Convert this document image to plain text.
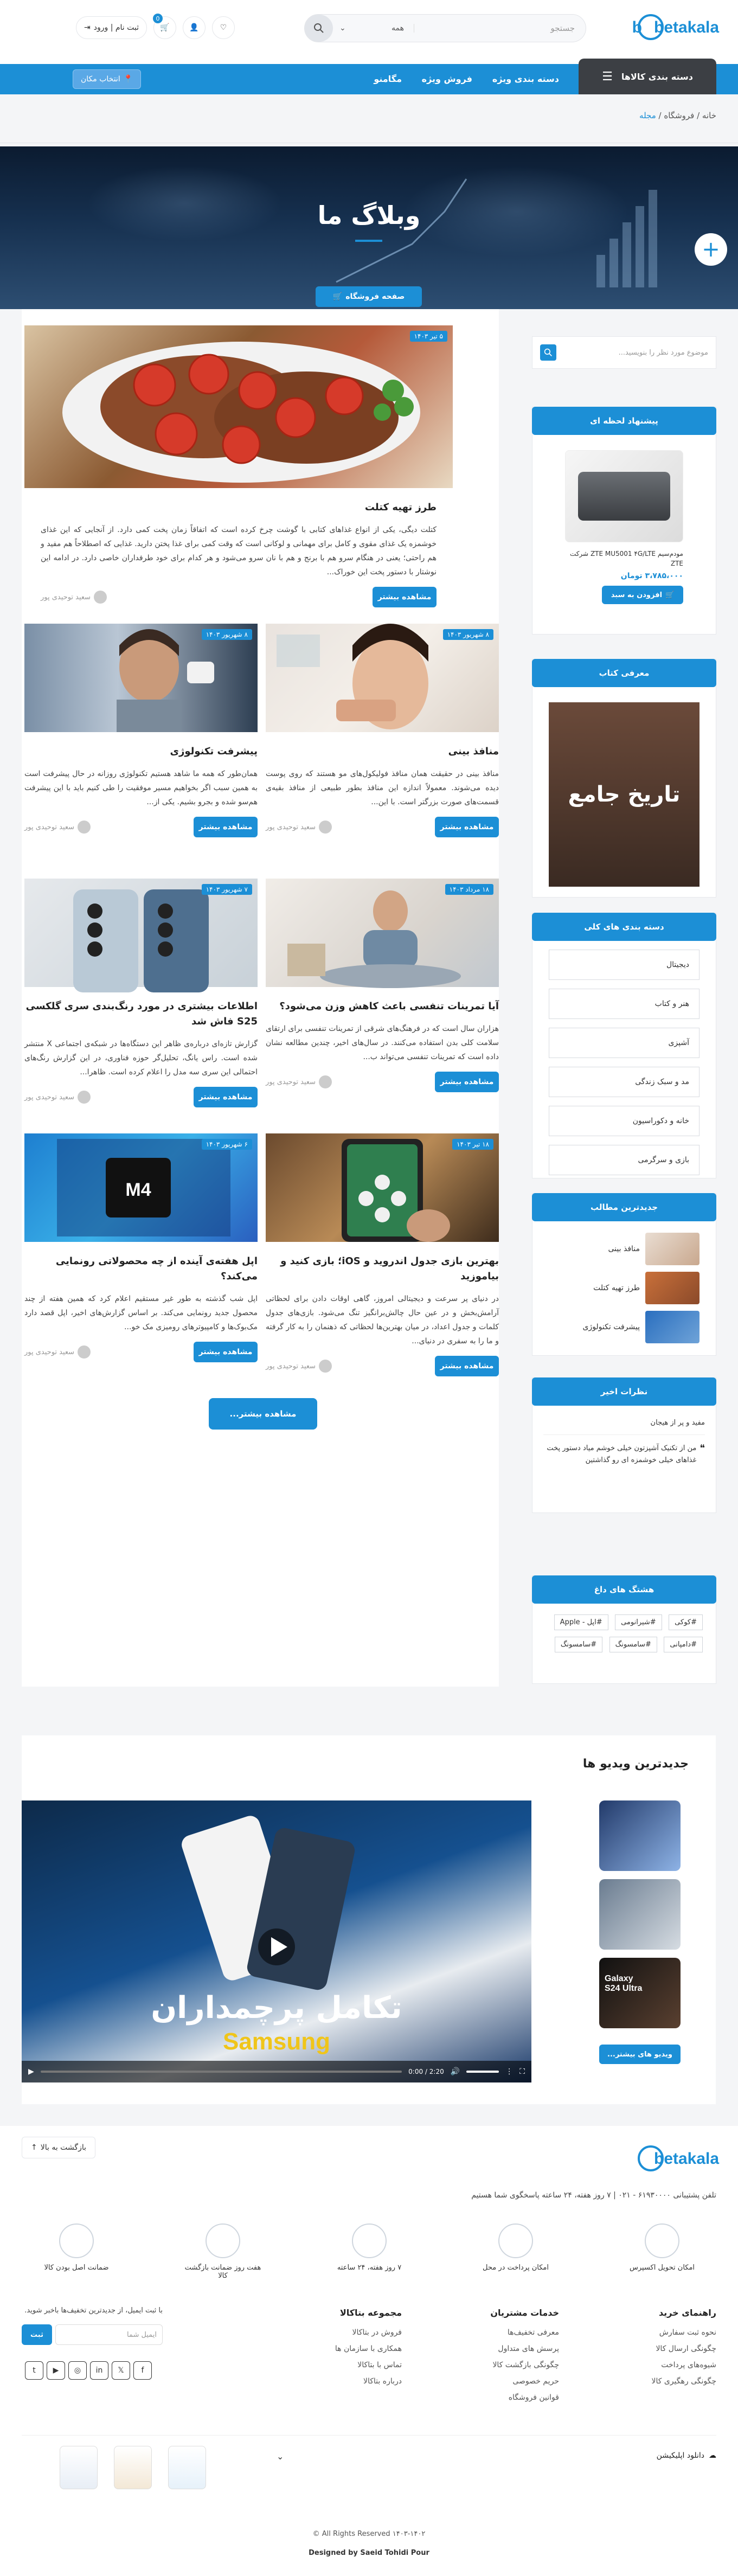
b betakala
جستجو
همه
⌄
⇥ ثبت نام | ورود	🛒
0
👤	♡
دسته بندی کالاها
☰
دسته بندی ویژه
فروش ویژه
مگامنو
📍
انتخاب مکان
خانه / فروشگاه / مجله
وبلاگ ما
صفحه فروشگاه
🛒
+
۵ تیر ۱۴۰۳
طرز تهیه کتلت

کتلت دیگی، یکی از انواع غذاهای کتابی با گوشت چرخ کرده است که اتفاقاً زمان پخت کمی دارد. از آنجایی که این غذای خوشمزه یک غذای مقوی و کامل برای مهمانی و لوکانی است که وقت کمی برای غذا پختن دارید. غذایی که اصطلاحاً هم مفید و هم راحتی؛ یعنی در هنگام سرو هم با برنج و هم با نان سرو می‌شود و هر کدام برای خود طرفداران خاصی دارد. در ادامه این نوشتار با دستور پخت این خوراک...

سعید توحیدی پور	مشاهده بیشتر
۸ شهریور ۱۴۰۳
منافذ بینی

منافذ بینی در حقیقت همان منافذ فولیکول‌های مو هستند که روی پوست دیده می‌شوند. معمولاً اندازه این منافذ بطور طبیعی از منافذ بقیه‌ی قسمت‌های صورت بزرگتر است. با این...

سعید توحیدی پور	مشاهده بیشتر
۸ شهریور ۱۴۰۳
پیشرفت تکنولوژی

همان‌طور که همه ما شاهد هستیم تکنولوژی روزانه در حال پیشرفت است به همین سبب اگر بخواهیم مسیر موفقیت را طی کنیم باید با این پیشرفت هم‌سو شده و بجرو بشیم. یکی از...

سعید توحیدی پور	مشاهده بیشتر
۱۸ مرداد ۱۴۰۳
آیا تمرینات تنفسی باعث کاهش وزن می‌شود؟

هزاران سال است که در فرهنگ‌های شرقی از تمرینات تنفسی برای ارتقای سلامت کلی بدن استفاده می‌کنند. در سال‌های اخیر، چندین مطالعه نشان داده است که تمرینات تنفسی می‌تواند ب...

سعید توحیدی پور	مشاهده بیشتر
۷ شهریور ۱۴۰۳
اطلاعات بیشتری در مورد رنگ‌بندی سری گلکسی S25 فاش شد

گزارش تازه‌ای درباره‌ی ظاهر این دستگاه‌ها در شبکه‌ی اجتماعی X منتشر شده است. راس یانگ، تحلیل‌گر حوزه فناوری، در این گزارش رنگ‌های احتمالی این سری سه مدل را اعلام کرده است. ظاهرا...

سعید توحیدی پور	مشاهده بیشتر
۱۸ تیر ۱۴۰۳
بهترین بازی جدول اندروید و iOS؛ بازی کنید و بیاموزید

در دنیای پر سرعت و دیجیتالی امروز، گاهی اوقات دادن برای لحظاتی آرامش‌بخش و در عین حال چالش‌برانگیز تنگ می‌شود. بازی‌های جدول کلمات و جدول اعداد، در میان بهترین‌ها لحظاتی که ذهنمان را به کار گرفته و ما را به سفری در دنیای...

سعید توحیدی پور	مشاهده بیشتر
M4
۶ شهریور ۱۴۰۳
اپل هفته‌ی آینده از چه محصولاتی رونمایی می‌کند؟

اپل شب گذشته به طور غیر مستقیم اعلام کرد که همین هفته از چند محصول جدید رونمایی می‌کند. بر اساس گزارش‌های اخیر، اپل قصد دارد مک‌بوک‌ها و کامپیوترهای رومیزی مک خو...

سعید توحیدی پور	مشاهده بیشتر
مشاهده بیشتر...
موضوع مورد نظر را بنویسید...
پیشنهاد لحظه ای
مودم‌سیم ZTE MU5001 ۴G/LTE شرکت ZTE
۳،۷۸۵،۰۰۰ تومان
🛒
افزودن به سبد
معرفی کتاب
تاریخ جامع
دسته بندی های کلی
دیجیتال
هنر و کتاب
آشپزی
مد و سبک زندگی
خانه و دکوراسیون
بازی و سرگرمی
جدیدترین مطالب
منافذ بینی
طرز تهیه کتلت
پیشرفت تکنولوژی
نظرات اخیر
مفید و پر از هیجان
❝
من از تکنیک آشپزتون خیلی خوشم میاد دستور پخت غذاهای خیلی خوشمزه ای رو گذاشتین
هشتگ های داغ
#کوکی #شیرانومی #اپل - Apple #دامپانی #سامسونگ #سامسونگ
جدیدترین ویدیو ها
تکامل پرچمداران
Samsung
▶	0:00 / 2:20 🔊	⋮ ⛶
Galaxy S24 Ultra
ویدیو های بیشتر...
بازگشت به بالا
↑
betakala
تلفن پشتیبانی ۶۱۹۳۰۰۰۰ - ۰۲۱ | ۷ روز هفته، ۲۴ ساعته پاسخگوی شما هستیم
امکان تحویل اکسپرس
امکان پرداخت در محل
۷ روز هفته، ۲۴ ساعته
هفت روز ضمانت بازگشت کالا
ضمانت اصل بودن کالا
راهنمای خرید
نحوه ثبت سفارش
چگونگی ارسال کالا
شیوه‌های پرداخت
چگونگی رهگیری کالا
خدمات مشتریان
معرفی تخفیف‌ها
پرسش های متداول
چگونگی بازگشت کالا
حریم خصوصی
قوانین فروشگاه
مجموعه بتاکالا
فروش در بتاکالا
همکاری با سازمان ها
تماس با بتاکالا
درباره بتاکالا
با ثبت ایمیل، از جدیدترین تخفیف‌ها باخبر شوید.
ایمیل شما
ثبت
t	▶	◎	in	𝕏	f
☁
دانلود اپلیکیشن
⌄
All Rights Reserved ۱۴۰۳-۱۴۰۲ ©
Designed by Saeid Tohidi Pour
